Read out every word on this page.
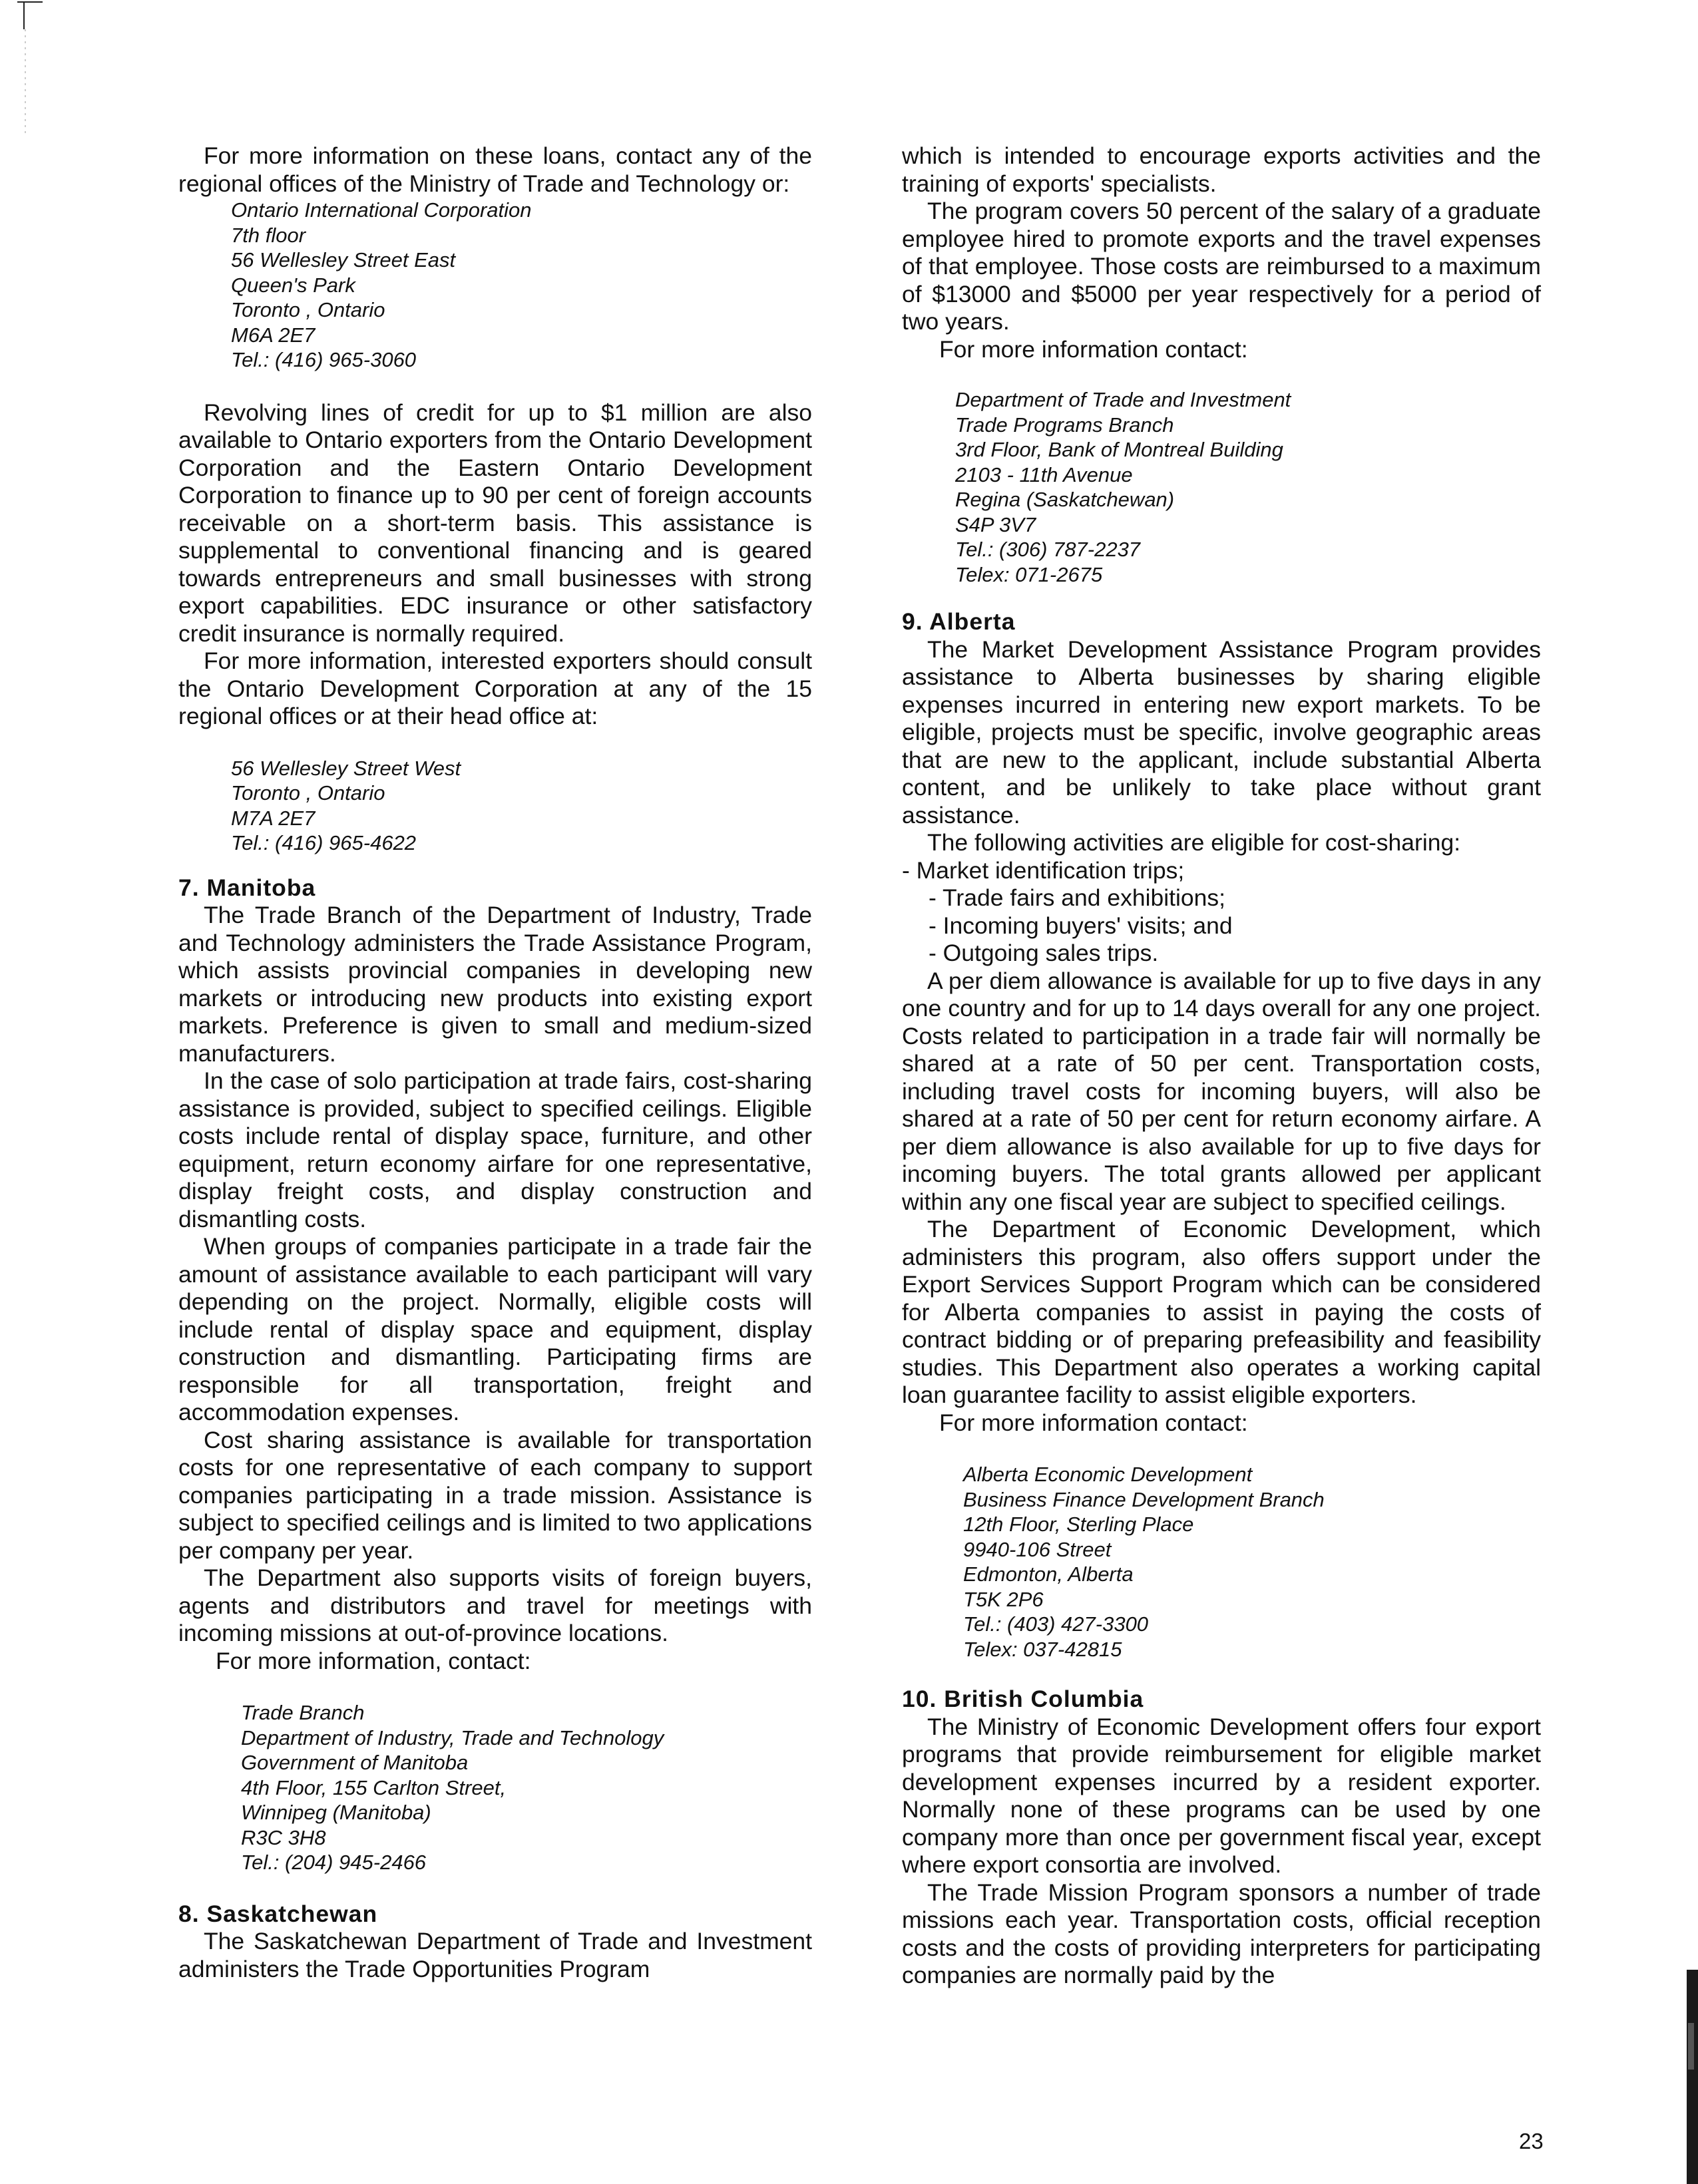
For more information on these loans, contact any of the regional offices of the Ministry of Trade and Technology or:

Ontario International Corporation
7th floor
56 Wellesley Street East
Queen's Park
Toronto , Ontario
M6A 2E7
Tel.: (416) 965-3060

Revolving lines of credit for up to $1 million are also available to Ontario exporters from the Ontario Development Corporation and the Eastern Ontario Development Corporation to finance up to 90 per cent of foreign accounts receivable on a short-term basis. This assistance is supplemental to conventional financing and is geared towards entrepreneurs and small businesses with strong export capabilities. EDC insurance or other satisfactory credit insurance is normally required.

For more information, interested exporters should consult the Ontario Development Corporation at any of the 15 regional offices or at their head office at:

56 Wellesley Street West
Toronto , Ontario
M7A 2E7
Tel.: (416) 965-4622
7. Manitoba

The Trade Branch of the Department of Industry, Trade and Technology administers the Trade Assistance Program, which assists provincial companies in developing new markets or introducing new products into existing export markets. Preference is given to small and medium-sized manufacturers.

In the case of solo participation at trade fairs, cost-sharing assistance is provided, subject to specified ceilings. Eligible costs include rental of display space, furniture, and other equipment, return economy airfare for one representative, display freight costs, and display construction and dismantling costs.

When groups of companies participate in a trade fair the amount of assistance available to each participant will vary depending on the project. Normally, eligible costs will include rental of display space and equipment, display construction and dismantling. Participating firms are responsible for all transportation, freight and accommodation expenses.

Cost sharing assistance is available for transportation costs for one representative of each company to support companies participating in a trade mission. Assistance is subject to specified ceilings and is limited to two applications per company per year.

The Department also supports visits of foreign buyers, agents and distributors and travel for meetings with incoming missions at out-of-province locations.

For more information, contact:

Trade Branch
Department of Industry, Trade and Technology
Government of Manitoba
4th Floor, 155 Carlton Street,
Winnipeg (Manitoba)
R3C 3H8
Tel.: (204) 945-2466
8. Saskatchewan

The Saskatchewan Department of Trade and Investment administers the Trade Opportunities Program

which is intended to encourage exports activities and the training of exports' specialists.

The program covers 50 percent of the salary of a graduate employee hired to promote exports and the travel expenses of that employee. Those costs are reimbursed to a maximum of $13000 and $5000 per year respectively for a period of two years.

For more information contact:

Department of Trade and Investment
Trade Programs Branch
3rd Floor, Bank of Montreal Building
2103 - 11th Avenue
Regina (Saskatchewan)
S4P 3V7
Tel.: (306) 787-2237
Telex: 071-2675
9. Alberta

The Market Development Assistance Program provides assistance to Alberta businesses by sharing eligible expenses incurred in entering new export markets. To be eligible, projects must be specific, involve geographic areas that are new to the applicant, include substantial Alberta content, and be unlikely to take place without grant assistance.

The following activities are eligible for cost-sharing:

- Market identification trips;
- Trade fairs and exhibitions;
- Incoming buyers' visits; and
- Outgoing sales trips.

A per diem allowance is available for up to five days in any one country and for up to 14 days overall for any one project. Costs related to participation in a trade fair will normally be shared at a rate of 50 per cent. Transportation costs, including travel costs for incoming buyers, will also be shared at a rate of 50 per cent for return economy airfare. A per diem allowance is also available for up to five days for incoming buyers. The total grants allowed per applicant within any one fiscal year are subject to specified ceilings.

The Department of Economic Development, which administers this program, also offers support under the Export Services Support Program which can be considered for Alberta companies to assist in paying the costs of contract bidding or of preparing prefeasibility and feasibility studies. This Department also operates a working capital loan guarantee facility to assist eligible exporters.

For more information contact:

Alberta Economic Development
Business Finance Development Branch
12th Floor, Sterling Place
9940-106 Street
Edmonton, Alberta
T5K 2P6
Tel.: (403) 427-3300
Telex: 037-42815
10. British Columbia

The Ministry of Economic Development offers four export programs that provide reimbursement for eligible market development expenses incurred by a resident exporter. Normally none of these programs can be used by one company more than once per government fiscal year, except where export consortia are involved.

The Trade Mission Program sponsors a number of trade missions each year. Transportation costs, official reception costs and the costs of providing interpreters for participating companies are normally paid by the

23
